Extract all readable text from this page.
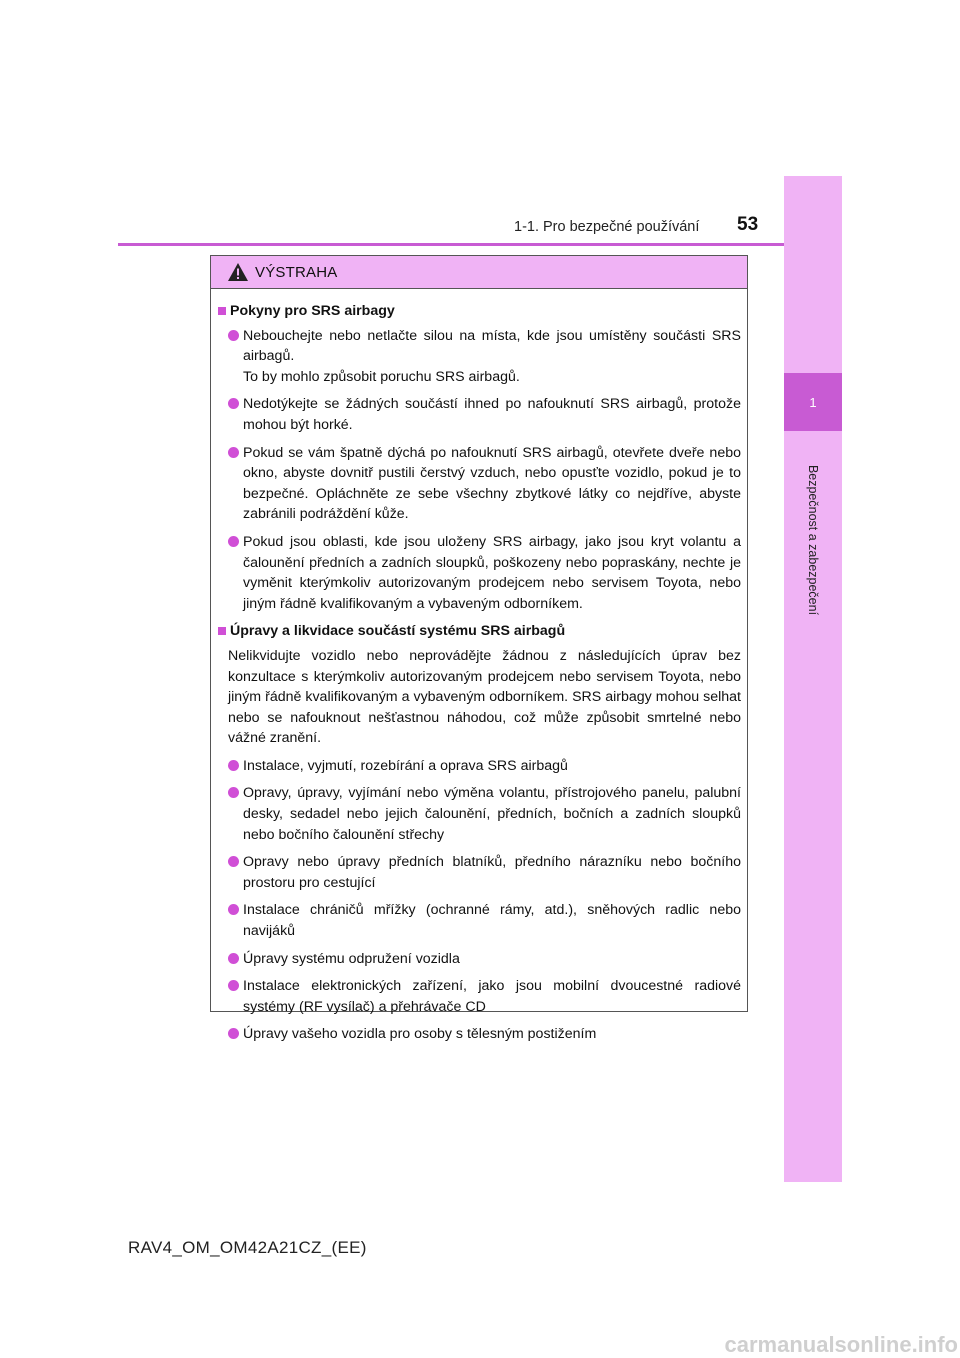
1-1. Pro bezpečné používání 53
1
Bezpečnost a zabezpečení
VÝSTRAHA
Pokyny pro SRS airbagy
Nebouchejte nebo netlačte silou na místa, kde jsou umístěny součásti SRS airbagů.
To by mohlo způsobit poruchu SRS airbagů.
Nedotýkejte se žádných součástí ihned po nafouknutí SRS airbagů, protože mohou být horké.
Pokud se vám špatně dýchá po nafouknutí SRS airbagů, otevřete dveře nebo okno, abyste dovnitř pustili čerstvý vzduch, nebo opusťte vozidlo, pokud je to bezpečné. Opláchněte ze sebe všechny zbytkové látky co nejdříve, abyste zabránili podráždění kůže.
Pokud jsou oblasti, kde jsou uloženy SRS airbagy, jako jsou kryt volantu a čalounění předních a zadních sloupků, poškozeny nebo popraskány, nechte je vyměnit kterýmkoliv autorizovaným prodejcem nebo servisem Toyota, nebo jiným řádně kvalifikovaným a vybaveným odborníkem.
Úpravy a likvidace součástí systému SRS airbagů
Nelikvidujte vozidlo nebo neprovádějte žádnou z následujících úprav bez konzultace s kterýmkoliv autorizovaným prodejcem nebo servisem Toyota, nebo jiným řádně kvalifikovaným a vybaveným odborníkem. SRS airbagy mohou selhat nebo se nafouknout nešťastnou náhodou, což může způsobit smrtelné nebo vážné zranění.
Instalace, vyjmutí, rozebírání a oprava SRS airbagů
Opravy, úpravy, vyjímání nebo výměna volantu, přístrojového panelu, palubní desky, sedadel nebo jejich čalounění, předních, bočních a zadních sloupků nebo bočního čalounění střechy
Opravy nebo úpravy předních blatníků, předního nárazníku nebo bočního prostoru pro cestující
Instalace chráničů mřížky (ochranné rámy, atd.), sněhových radlic nebo navijáků
Úpravy systému odpružení vozidla
Instalace elektronických zařízení, jako jsou mobilní dvoucestné radiové systémy (RF vysílač) a přehrávače CD
Úpravy vašeho vozidla pro osoby s tělesným postižením
RAV4_OM_OM42A21CZ_(EE)
carmanualsonline.info
